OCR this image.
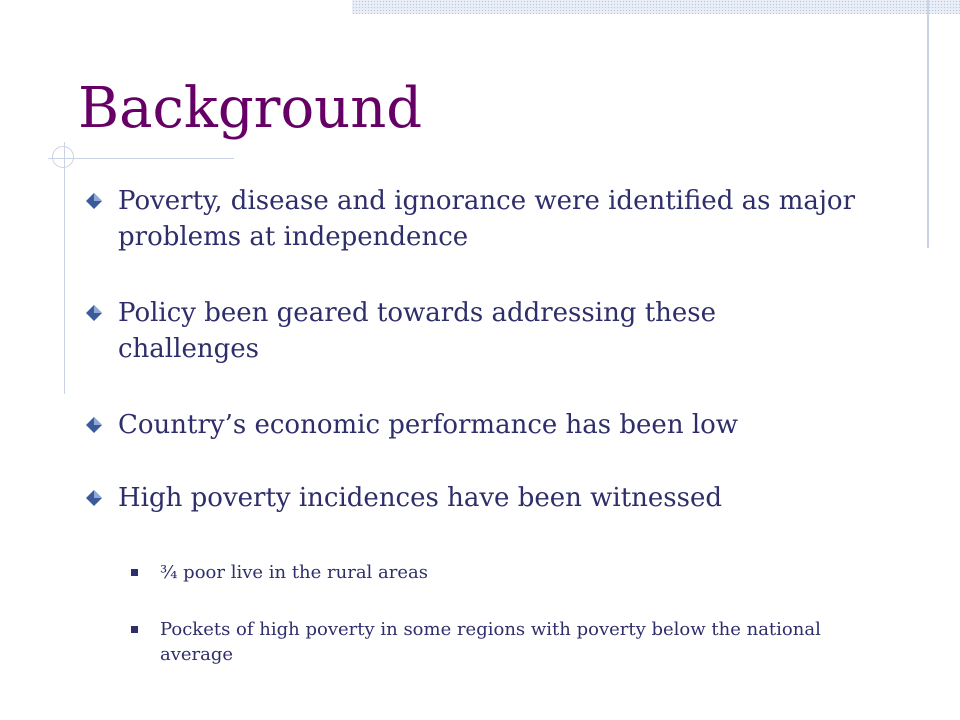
Background
Poverty, disease and ignorance were identified as major problems at independence
Policy been geared towards addressing these challenges
Country’s economic performance has been low
High poverty incidences have been witnessed
¾ poor live in the rural areas
Pockets of high poverty in some regions with poverty below the national average
